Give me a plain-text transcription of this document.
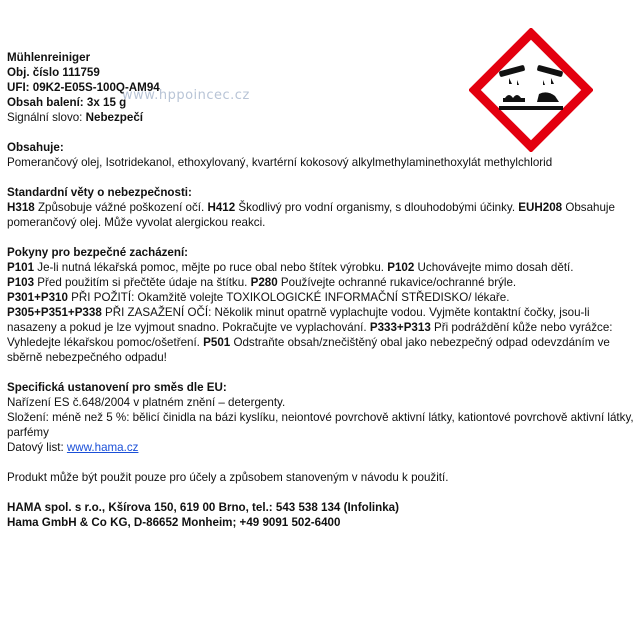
www.hppoincec.cz
Mühlenreiniger
Obj. číslo 111759
UFI: 09K2-E05S-100Q-AM94
Obsah balení: 3x 15 g
Signální slovo: Nebezpečí
Obsahuje:
Pomerančový olej, Isotridekanol, ethoxylovaný, kvartérní kokosový alkylmethylaminethoxylát methylchlorid
Standardní věty o nebezpečnosti:
H318 Způsobuje vážné poškození očí. H412 Škodlivý pro vodní organismy, s dlouhodobými účinky. EUH208 Obsahuje pomerančový olej. Může vyvolat alergickou reakci.
Pokyny pro bezpečné zacházení:
P101 Je-li nutná lékařská pomoc, mějte po ruce obal nebo štítek výrobku. P102 Uchovávejte mimo dosah dětí.
P103 Před použitím si přečtěte údaje na štítku. P280 Používejte ochranné rukavice/ochranné brýle.
P301+P310 PŘI POŽITÍ: Okamžitě volejte TOXIKOLOGICKÉ INFORMAČNÍ STŘEDISKO/ lékaře.
P305+P351+P338 PŘI ZASAŽENÍ OČÍ: Několik minut opatrně vyplachujte vodou. Vyjměte kontaktní čočky, jsou-li nasazeny a pokud je lze vyjmout snadno. Pokračujte ve vyplachování. P333+P313 Při podráždění kůže nebo vyrážce: Vyhledejte lékařskou pomoc/ošetření. P501 Odstraňte obsah/znečištěný obal jako nebezpečný odpad odevzdáním ve sběrně nebezpečného odpadu!
Specifická ustanovení pro směs dle EU:
Nařízení ES č.648/2004 v platném znění – detergenty.
Složení: méně než 5 %: bělicí činidla na bázi kyslíku, neiontové povrchově aktivní látky, kationtové povrchově aktivní látky, parfémy
Datový list: www.hama.cz
Produkt může být použit pouze pro účely a způsobem stanoveným v návodu k použití.
HAMA spol. s r.o., Kšírova 150, 619 00 Brno, tel.: 543 538 134 (Infolinka)
Hama GmbH & Co KG, D-86652 Monheim; +49 9091 502-6400
